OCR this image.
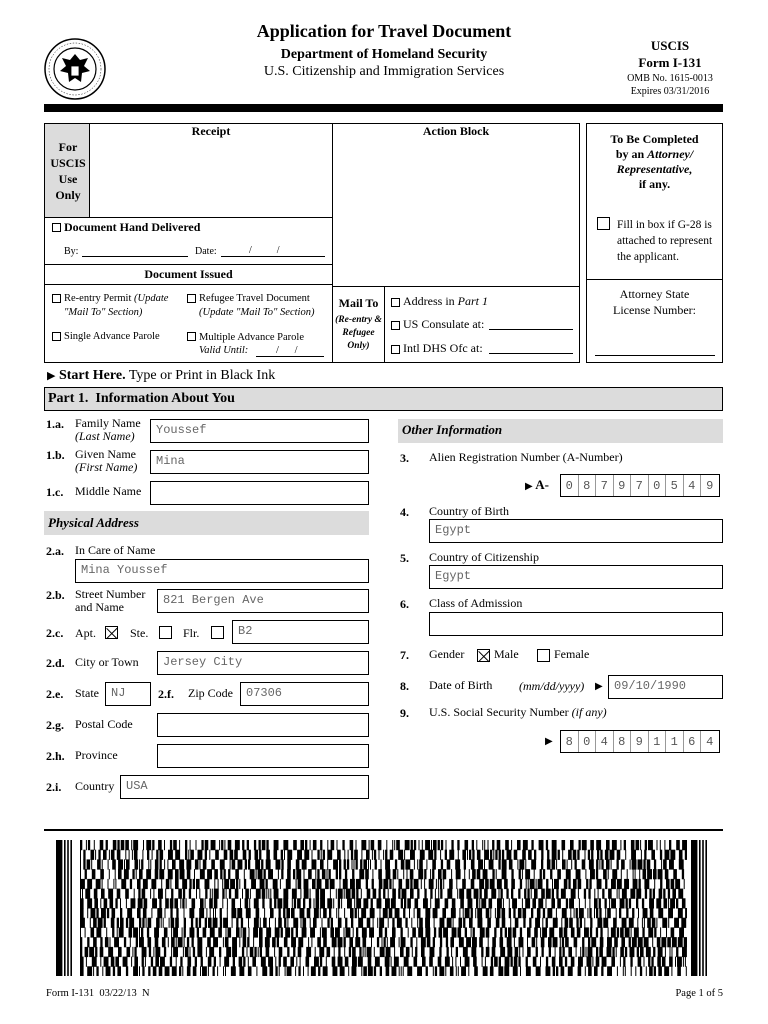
Application for Travel Document
Department of Homeland Security
U.S. Citizenship and Immigration Services
USCIS
Form I-131
OMB No. 1615-0013
Expires 03/31/2016
For USCIS Use Only
Receipt	Action Block
Document Hand Delivered
By:	Date:	/          /
Document Issued
Re-entry Permit (Update
"Mail To" Section)
Refugee Travel Document
(Update "Mail To" Section)
Single Advance Parole	Multiple Advance Parole
Valid Until:	/      /
Mail To
(Re-entry & Refugee Only)
Address in Part 1
US Consulate at:
Intl DHS Ofc at:
To Be Completed
by an Attorney/
Representative,
if any.
Fill in box if G-28 is attached to represent the applicant.
Attorney State
License Number:
▶ Start Here. Type or Print in Black Ink
Part 1.  Information About You
1.a. Family Name
(Last Name)	Youssef
1.b. Given Name
(First Name)	Mina
1.c. Middle Name
Physical Address
2.a. In Care of Name
Mina Youssef
2.b. Street Number
and Name	821 Bergen Ave
2.c. Apt.	Ste.	Flr.	B2
2.d. City or Town	Jersey City
2.e. State	NJ	2.f. Zip Code	07306
2.g. Postal Code
2.h. Province
2.i. Country USA
Other Information
3. Alien Registration Number (A-Number)
▶ A-	0 8 7 9 7 0 5 4 9
4. Country of Birth
Egypt
5. Country of Citizenship
Egypt
6. Class of Admission
7. Gender Male	Female
8. Date of Birth (mm/dd/yyyy) ▶ 09/10/1990
9. U.S. Social Security Number (if any)
▶	8 0 4 8 9 1 1 6 4
Form I-131  03/22/13  N	Page 1 of 5
